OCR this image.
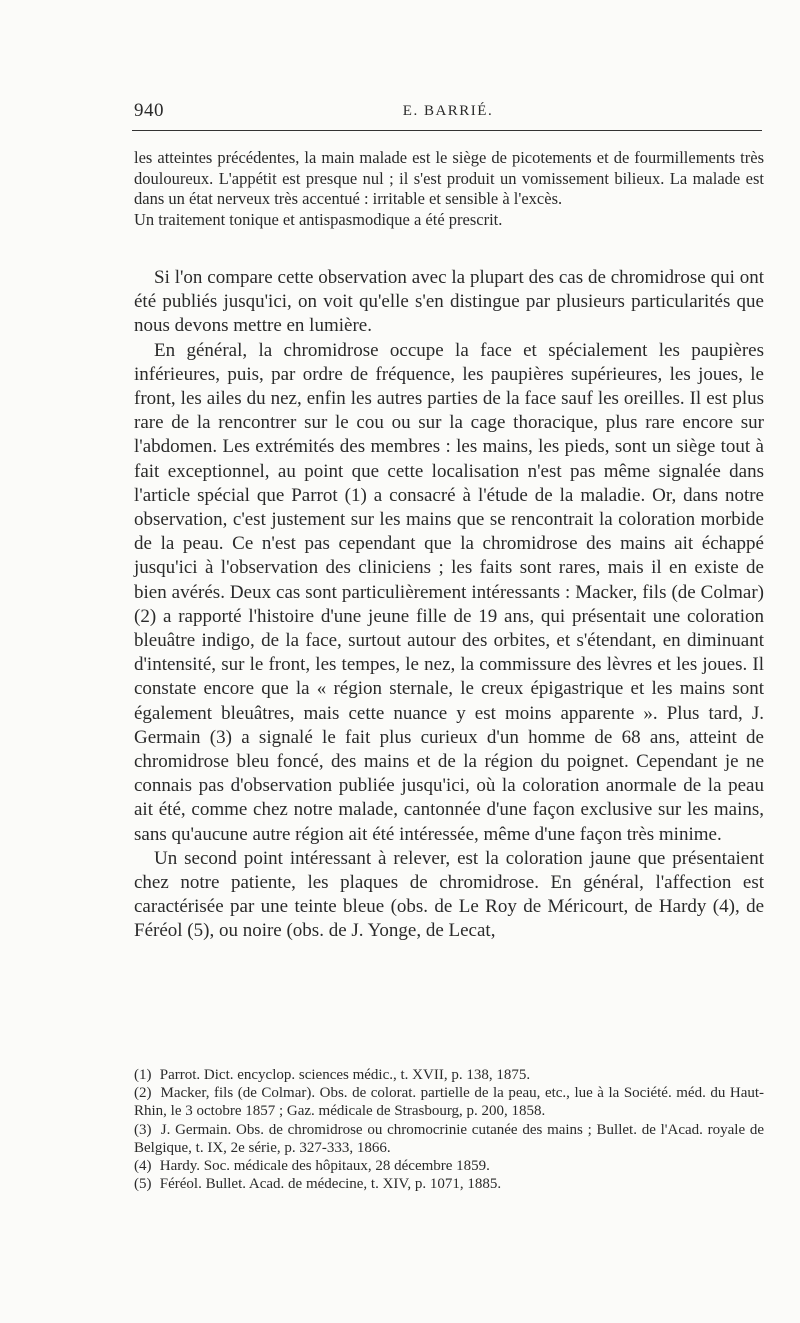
940	E. BARRIÉ.

les atteintes précédentes, la main malade est le siège de picotements et de fourmillements très douloureux. L'appétit est presque nul ; il s'est produit un vomissement bilieux. La malade est dans un état nerveux très accentué : irritable et sensible à l'excès.

Un traitement tonique et antispasmodique a été prescrit.

Si l'on compare cette observation avec la plupart des cas de chromidrose qui ont été publiés jusqu'ici, on voit qu'elle s'en distingue par plusieurs particularités que nous devons mettre en lumière.

En général, la chromidrose occupe la face et spécialement les paupières inférieures, puis, par ordre de fréquence, les paupières supérieures, les joues, le front, les ailes du nez, enfin les autres parties de la face sauf les oreilles. Il est plus rare de la rencontrer sur le cou ou sur la cage thoracique, plus rare encore sur l'abdomen. Les extrémités des membres : les mains, les pieds, sont un siège tout à fait exceptionnel, au point que cette localisation n'est pas même signalée dans l'article spécial que Parrot (1) a consacré à l'étude de la maladie. Or, dans notre observation, c'est justement sur les mains que se rencontrait la coloration morbide de la peau. Ce n'est pas cependant que la chromidrose des mains ait échappé jusqu'ici à l'observation des cliniciens ; les faits sont rares, mais il en existe de bien avérés. Deux cas sont particulièrement intéressants : Macker, fils (de Colmar) (2) a rapporté l'histoire d'une jeune fille de 19 ans, qui présentait une coloration bleuâtre indigo, de la face, surtout autour des orbites, et s'étendant, en diminuant d'intensité, sur le front, les tempes, le nez, la commissure des lèvres et les joues. Il constate encore que la « région sternale, le creux épigastrique et les mains sont également bleuâtres, mais cette nuance y est moins apparente ». Plus tard, J. Germain (3) a signalé le fait plus curieux d'un homme de 68 ans, atteint de chromidrose bleu foncé, des mains et de la région du poignet. Cependant je ne connais pas d'observation publiée jusqu'ici, où la coloration anormale de la peau ait été, comme chez notre malade, cantonnée d'une façon exclusive sur les mains, sans qu'aucune autre région ait été intéressée, même d'une façon très minime.

Un second point intéressant à relever, est la coloration jaune que présentaient chez notre patiente, les plaques de chromidrose. En général, l'affection est caractérisée par une teinte bleue (obs. de Le Roy de Méricourt, de Hardy (4), de Féréol (5), ou noire (obs. de J. Yonge, de Lecat,

(1) Parrot. Dict. encyclop. sciences médic., t. XVII, p. 138, 1875.

(2) Macker, fils (de Colmar). Obs. de colorat. partielle de la peau, etc., lue à la Société. méd. du Haut-Rhin, le 3 octobre 1857 ; Gaz. médicale de Strasbourg, p. 200, 1858.

(3) J. Germain. Obs. de chromidrose ou chromocrinie cutanée des mains ; Bullet. de l'Acad. royale de Belgique, t. IX, 2e série, p. 327-333, 1866.

(4) Hardy. Soc. médicale des hôpitaux, 28 décembre 1859.

(5) Féréol. Bullet. Acad. de médecine, t. XIV, p. 1071, 1885.
